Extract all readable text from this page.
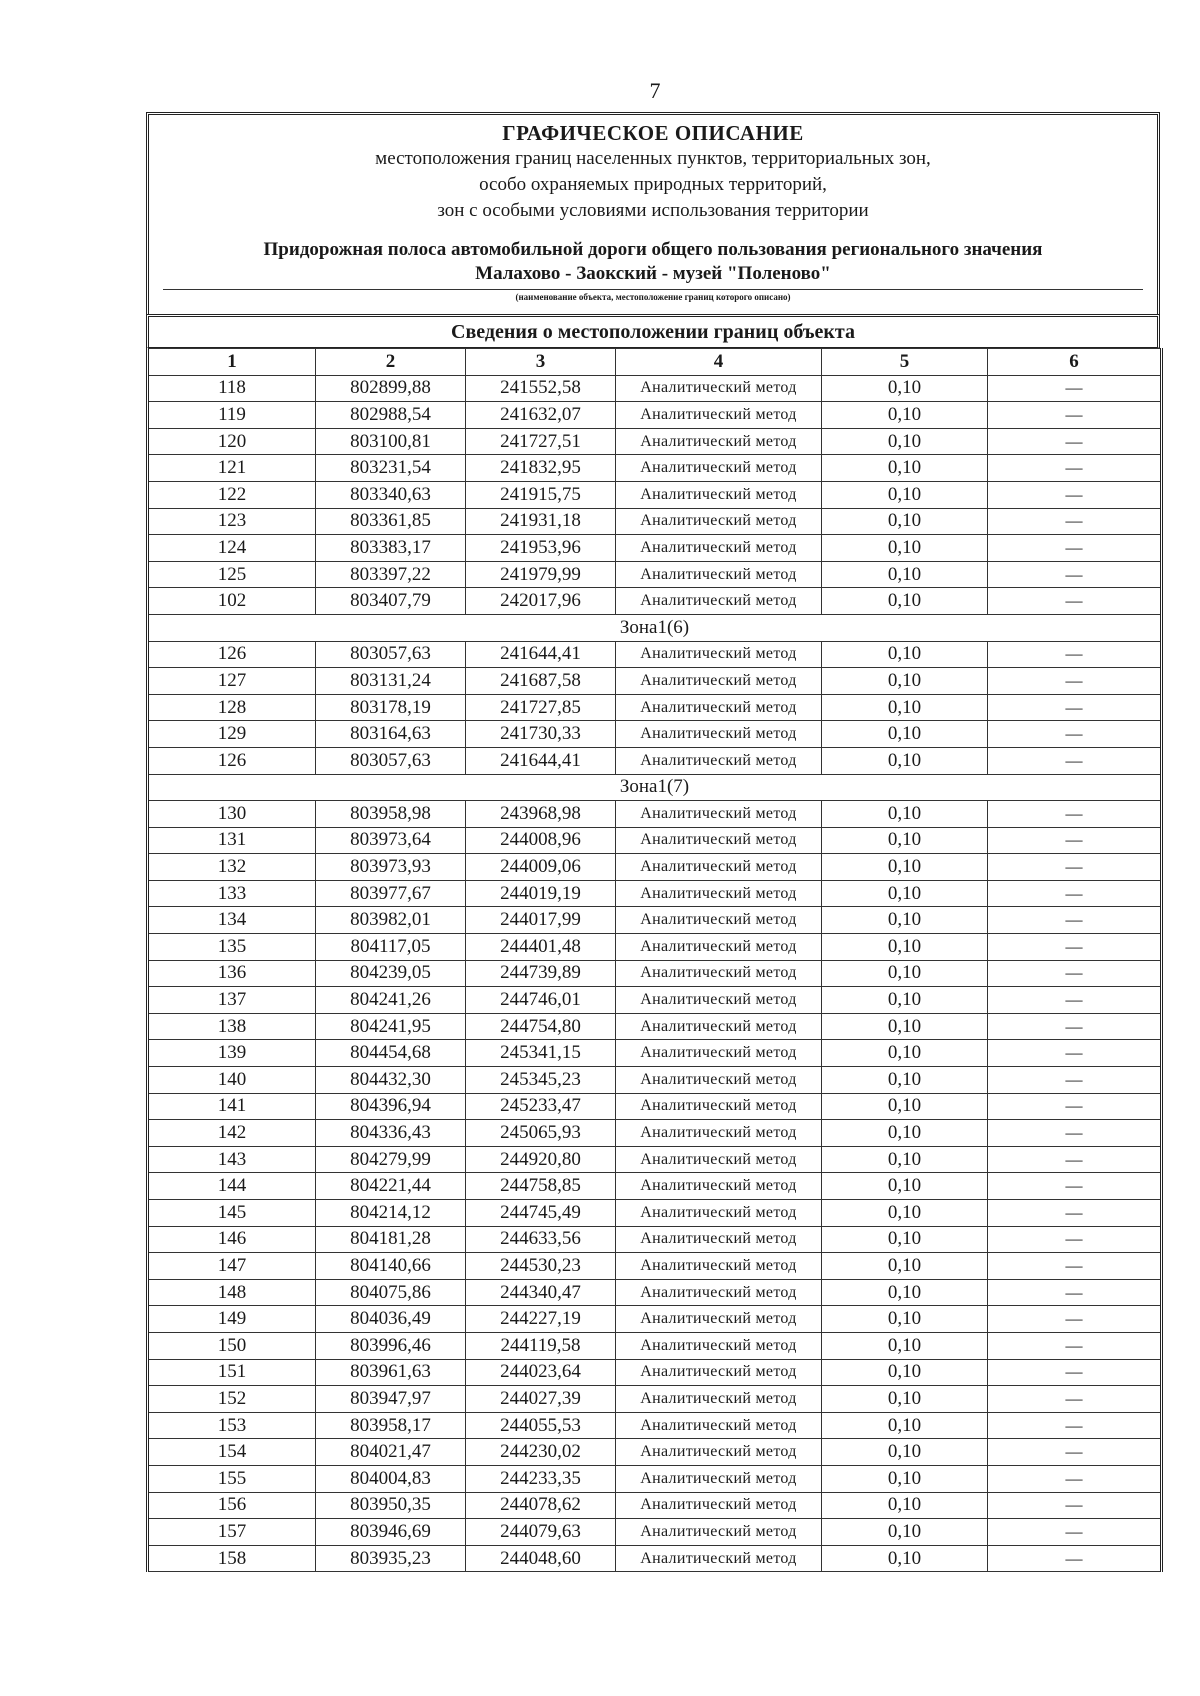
7
ГРАФИЧЕСКОЕ ОПИСАНИЕ
местоположения границ населенных пунктов, территориальных зон,
особо охраняемых природных территорий,
зон с особыми условиями использования территории
Придорожная полоса автомобильной дороги общего пользования регионального значения
Малахово - Заокский - музей "Поленово"
(наименование объекта, местоположение границ которого описано)
Сведения о местоположении границ объекта
1	2	3	4	5	6
118	802899,88	241552,58	Аналитический метод	0,10	—
119	802988,54	241632,07	Аналитический метод	0,10	—
120	803100,81	241727,51	Аналитический метод	0,10	—
121	803231,54	241832,95	Аналитический метод	0,10	—
122	803340,63	241915,75	Аналитический метод	0,10	—
123	803361,85	241931,18	Аналитический метод	0,10	—
124	803383,17	241953,96	Аналитический метод	0,10	—
125	803397,22	241979,99	Аналитический метод	0,10	—
102	803407,79	242017,96	Аналитический метод	0,10	—
Зона1(6)					
126	803057,63	241644,41	Аналитический метод	0,10	—
127	803131,24	241687,58	Аналитический метод	0,10	—
128	803178,19	241727,85	Аналитический метод	0,10	—
129	803164,63	241730,33	Аналитический метод	0,10	—
126	803057,63	241644,41	Аналитический метод	0,10	—
Зона1(7)					
130	803958,98	243968,98	Аналитический метод	0,10	—
131	803973,64	244008,96	Аналитический метод	0,10	—
132	803973,93	244009,06	Аналитический метод	0,10	—
133	803977,67	244019,19	Аналитический метод	0,10	—
134	803982,01	244017,99	Аналитический метод	0,10	—
135	804117,05	244401,48	Аналитический метод	0,10	—
136	804239,05	244739,89	Аналитический метод	0,10	—
137	804241,26	244746,01	Аналитический метод	0,10	—
138	804241,95	244754,80	Аналитический метод	0,10	—
139	804454,68	245341,15	Аналитический метод	0,10	—
140	804432,30	245345,23	Аналитический метод	0,10	—
141	804396,94	245233,47	Аналитический метод	0,10	—
142	804336,43	245065,93	Аналитический метод	0,10	—
143	804279,99	244920,80	Аналитический метод	0,10	—
144	804221,44	244758,85	Аналитический метод	0,10	—
145	804214,12	244745,49	Аналитический метод	0,10	—
146	804181,28	244633,56	Аналитический метод	0,10	—
147	804140,66	244530,23	Аналитический метод	0,10	—
148	804075,86	244340,47	Аналитический метод	0,10	—
149	804036,49	244227,19	Аналитический метод	0,10	—
150	803996,46	244119,58	Аналитический метод	0,10	—
151	803961,63	244023,64	Аналитический метод	0,10	—
152	803947,97	244027,39	Аналитический метод	0,10	—
153	803958,17	244055,53	Аналитический метод	0,10	—
154	804021,47	244230,02	Аналитический метод	0,10	—
155	804004,83	244233,35	Аналитический метод	0,10	—
156	803950,35	244078,62	Аналитический метод	0,10	—
157	803946,69	244079,63	Аналитический метод	0,10	—
158	803935,23	244048,60	Аналитический метод	0,10	—
